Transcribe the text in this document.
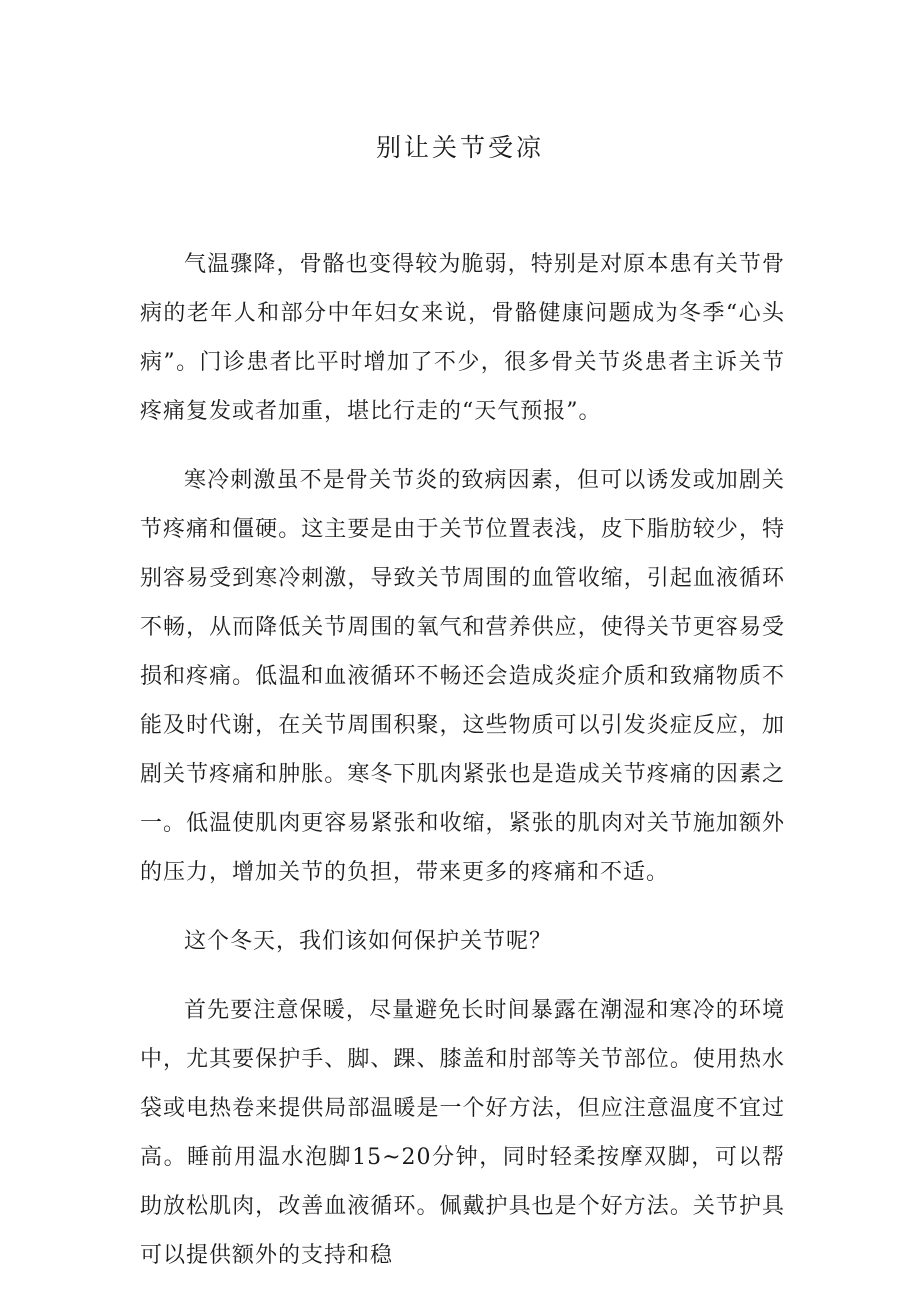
别让关节受凉

气温骤降，骨骼也变得较为脆弱，特别是对原本患有关节骨病的老年人和部分中年妇女来说，骨骼健康问题成为冬季“心头病”。门诊患者比平时增加了不少，很多骨关节炎患者主诉关节疼痛复发或者加重，堪比行走的“天气预报”。

寒冷刺激虽不是骨关节炎的致病因素，但可以诱发或加剧关节疼痛和僵硬。这主要是由于关节位置表浅，皮下脂肪较少，特别容易受到寒冷刺激，导致关节周围的血管收缩，引起血液循环不畅，从而降低关节周围的氧气和营养供应，使得关节更容易受损和疼痛。低温和血液循环不畅还会造成炎症介质和致痛物质不能及时代谢，在关节周围积聚，这些物质可以引发炎症反应，加剧关节疼痛和肿胀。寒冬下肌肉紧张也是造成关节疼痛的因素之一。低温使肌肉更容易紧张和收缩，紧张的肌肉对关节施加额外的压力，增加关节的负担，带来更多的疼痛和不适。

这个冬天，我们该如何保护关节呢？

首先要注意保暖，尽量避免长时间暴露在潮湿和寒冷的环境中，尤其要保护手、脚、踝、膝盖和肘部等关节部位。使用热水袋或电热卷来提供局部温暖是一个好方法，但应注意温度不宜过高。睡前用温水泡脚15~20分钟，同时轻柔按摩双脚，可以帮助放松肌肉，改善血液循环。佩戴护具也是个好方法。关节护具可以提供额外的支持和稳
